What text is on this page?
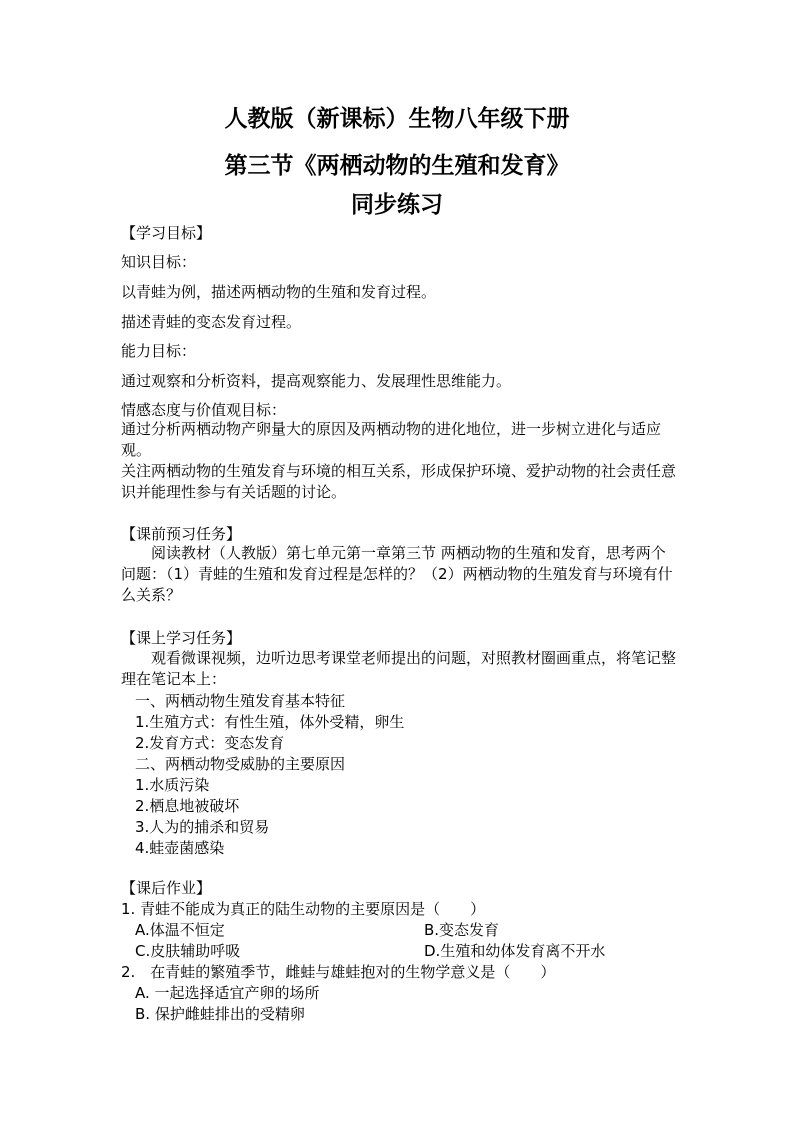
人教版（新课标）生物八年级下册
第三节《两栖动物的生殖和发育》
同步练习
【学习目标】
知识目标：
以青蛙为例，描述两栖动物的生殖和发育过程。
描述青蛙的变态发育过程。
能力目标：
通过观察和分析资料，提高观察能力、发展理性思维能力。
情感态度与价值观目标：
通过分析两栖动物产卵量大的原因及两栖动物的进化地位，进一步树立进化与适应观。
关注两栖动物的生殖发育与环境的相互关系，形成保护环境、爱护动物的社会责任意识并能理性参与有关话题的讨论。
【课前预习任务】
阅读教材（人教版）第七单元第一章第三节 两栖动物的生殖和发育，思考两个问题：（1）青蛙的生殖和发育过程是怎样的？（2）两栖动物的生殖发育与环境有什么关系？
【课上学习任务】
观看微课视频，边听边思考课堂老师提出的问题，对照教材圈画重点，将笔记整理在笔记本上：
一、两栖动物生殖发育基本特征
1.生殖方式：有性生殖，体外受精，卵生
2.发育方式：变态发育
二、两栖动物受威胁的主要原因
1.水质污染
2.栖息地被破坏
3.人为的捕杀和贸易
4.蛙壶菌感染
【课后作业】
1. 青蛙不能成为真正的陆生动物的主要原因是（　　）
A.体温不恒定	B.变态发育
C.皮肤辅助呼吸	D.生殖和幼体发育离不开水
2.　在青蛙的繁殖季节，雌蛙与雄蛙抱对的生物学意义是（　　）
A. 一起选择适宜产卵的场所
B. 保护雌蛙排出的受精卵
